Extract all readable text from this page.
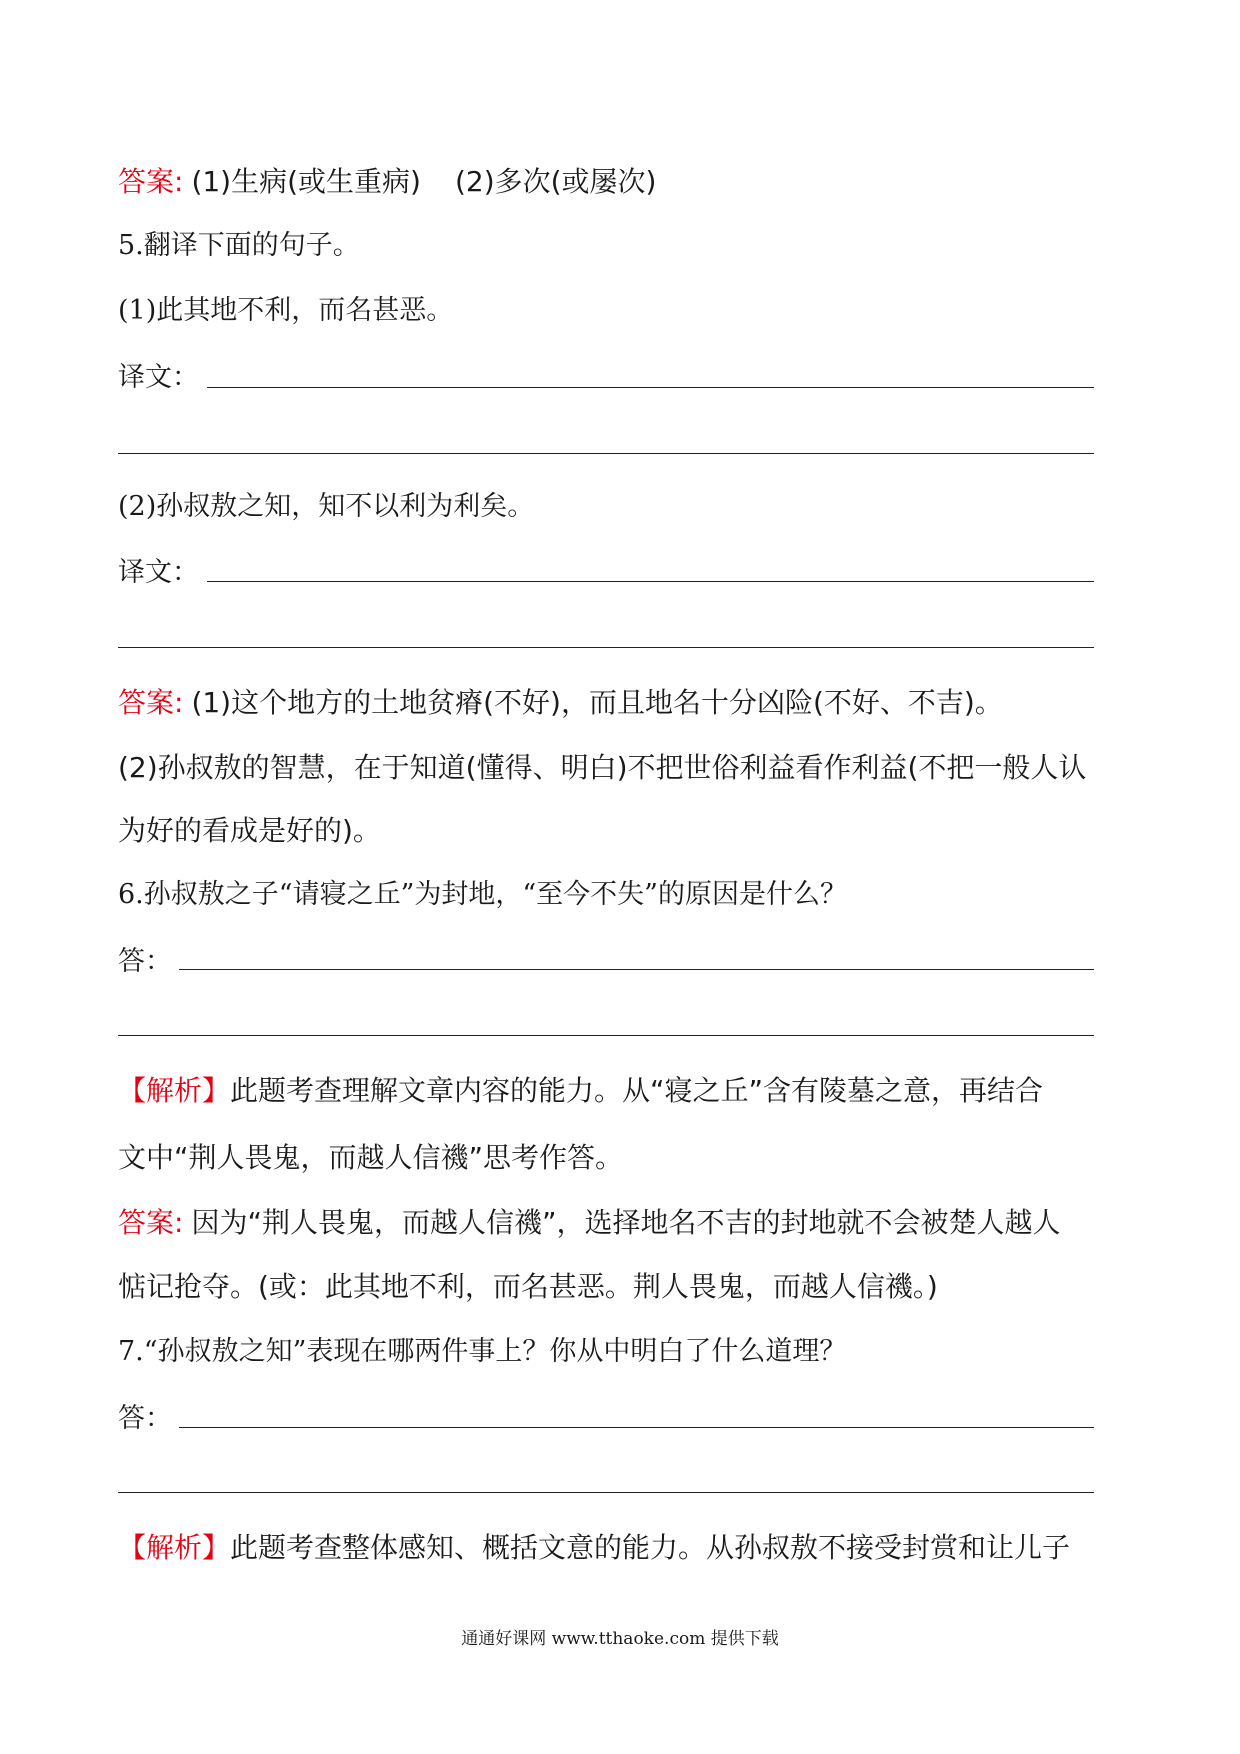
答案: (1)生病(或生重病) (2)多次(或屡次)
5.翻译下面的句子。
(1)此其地不利，而名甚恶。
译文：
(2)孙叔敖之知，知不以利为利矣。
译文：
答案: (1)这个地方的土地贫瘠(不好)，而且地名十分凶险(不好、不吉)。
(2)孙叔敖的智慧，在于知道(懂得、明白)不把世俗利益看作利益(不把一般人认
为好的看成是好的)。
6.孙叔敖之子“请寝之丘”为封地，“至今不失”的原因是什么？
答：
【解析】此题考查理解文章内容的能力。从“寝之丘”含有陵墓之意，再结合
文中“荆人畏鬼，而越人信禨”思考作答。
答案: 因为“荆人畏鬼，而越人信禨”，选择地名不吉的封地就不会被楚人越人
惦记抢夺。(或：此其地不利，而名甚恶。荆人畏鬼，而越人信禨。)
7.“孙叔敖之知”表现在哪两件事上？你从中明白了什么道理？
答：
【解析】此题考查整体感知、概括文意的能力。从孙叔敖不接受封赏和让儿子
通通好课网 www.tthaoke.com 提供下载
